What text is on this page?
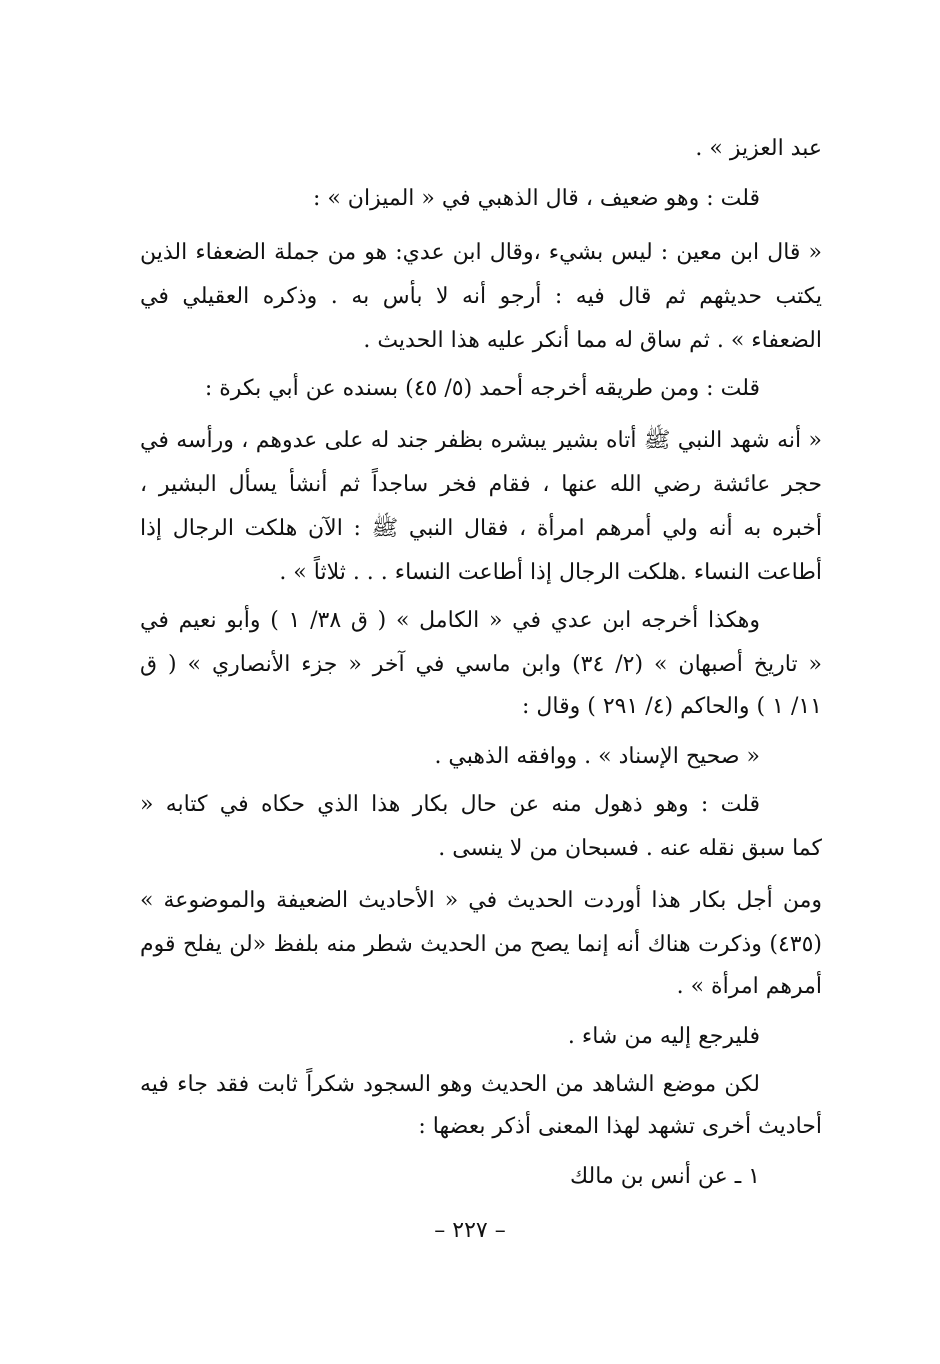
عبد العزيز » .
قلت : وهو ضعيف ، قال الذهبي في « الميزان » :
« قال ابن معين : ليس بشيء ،وقال ابن عدي: هو من جملة الضعفاء الذين
يكتب حديثهم ثم قال فيه : أرجو أنه لا بأس به . وذكره العقيلي في
الضعفاء » . ثم ساق له مما أنكر عليه هذا الحديث .
قلت : ومن طريقه أخرجه أحمد (٥/ ٤٥) بسنده عن أبي بكرة :
« أنه شهد النبي ﷺ أتاه بشير يبشره بظفر جند له على عدوهم ، ورأسه في
حجر عائشة رضي الله عنها ، فقام فخر ساجداً ثم أنشأ يسأل البشير ،
أخبره به أنه ولي أمرهم امرأة ، فقال النبي ﷺ : الآن هلكت الرجال إذا
أطاعت النساء .هلكت الرجال إذا أطاعت النساء . . . ثلاثاً » .
وهكذا أخرجه ابن عدي في « الكامل » ( ق ٣٨/ ١ ) وأبو نعيم في
« تاريخ أصبهان » (٢/ ٣٤) وابن ماسي في آخر « جزء الأنصاري » ( ق
١١/ ١ ) والحاكم (٤/ ٢٩١ ) وقال :
« صحيح الإسناد » . ووافقه الذهبي .
قلت : وهو ذهول منه عن حال بكار هذا الذي حكاه في كتابه «
كما سبق نقله عنه . فسبحان من لا ينسى .
ومن أجل بكار هذا أوردت الحديث في « الأحاديث الضعيفة والموضوعة »
(٤٣٥) وذكرت هناك أنه إنما يصح من الحديث شطر منه بلفظ «لن يفلح قوم
أمرهم امرأة » .
فليرجع إليه من شاء .
لكن موضع الشاهد من الحديث وهو السجود شكراً ثابت فقد جاء فيه
أحاديث أخرى تشهد لهذا المعنى أذكر بعضها :
١ ـ عن أنس بن مالك
– ٢٢٧ –
